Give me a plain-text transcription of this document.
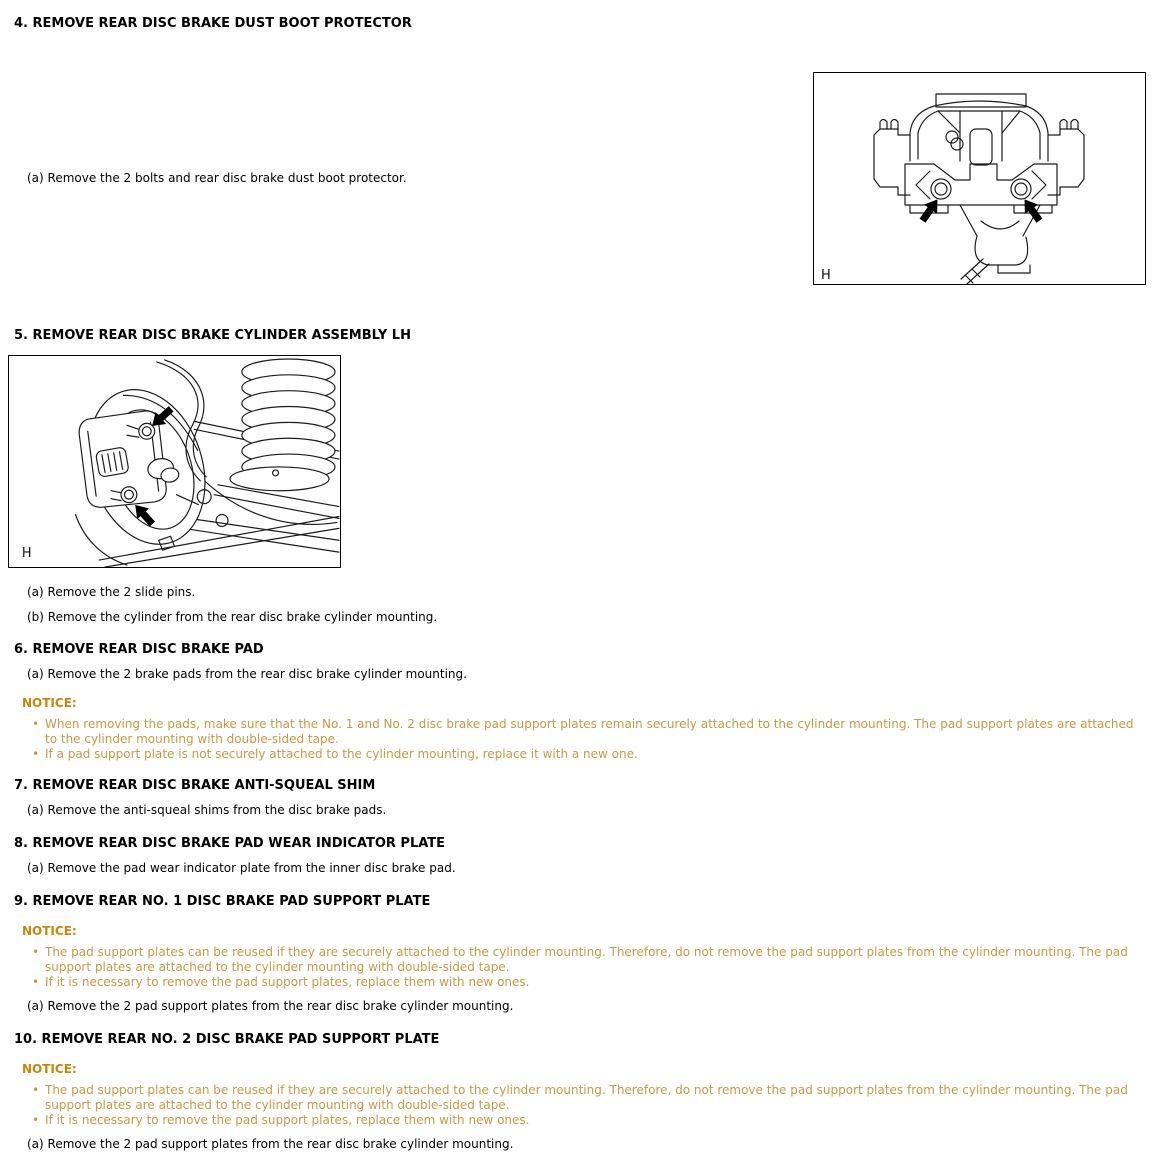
4. REMOVE REAR DISC BRAKE DUST BOOT PROTECTOR

(a) Remove the 2 bolts and rear disc brake dust boot protector.

H
5. REMOVE REAR DISC BRAKE CYLINDER ASSEMBLY LH
H

(a) Remove the 2 slide pins.

(b) Remove the cylinder from the rear disc brake cylinder mounting.

6. REMOVE REAR DISC BRAKE PAD

(a) Remove the 2 brake pads from the rear disc brake cylinder mounting.

NOTICE:

• When removing the pads, make sure that the No. 1 and No. 2 disc brake pad support plates remain securely attached to the cylinder mounting. The pad support plates are attached to the cylinder mounting with double-sided tape.
• If a pad support plate is not securely attached to the cylinder mounting, replace it with a new one.
7. REMOVE REAR DISC BRAKE ANTI-SQUEAL SHIM

(a) Remove the anti-squeal shims from the disc brake pads.

8. REMOVE REAR DISC BRAKE PAD WEAR INDICATOR PLATE

(a) Remove the pad wear indicator plate from the inner disc brake pad.

9. REMOVE REAR NO. 1 DISC BRAKE PAD SUPPORT PLATE

NOTICE:

• The pad support plates can be reused if they are securely attached to the cylinder mounting. Therefore, do not remove the pad support plates from the cylinder mounting. The pad support plates are attached to the cylinder mounting with double-sided tape.
• If it is necessary to remove the pad support plates, replace them with new ones.

(a) Remove the 2 pad support plates from the rear disc brake cylinder mounting.

10. REMOVE REAR NO. 2 DISC BRAKE PAD SUPPORT PLATE

NOTICE:

• The pad support plates can be reused if they are securely attached to the cylinder mounting. Therefore, do not remove the pad support plates from the cylinder mounting. The pad support plates are attached to the cylinder mounting with double-sided tape.
• If it is necessary to remove the pad support plates, replace them with new ones.

(a) Remove the 2 pad support plates from the rear disc brake cylinder mounting.
